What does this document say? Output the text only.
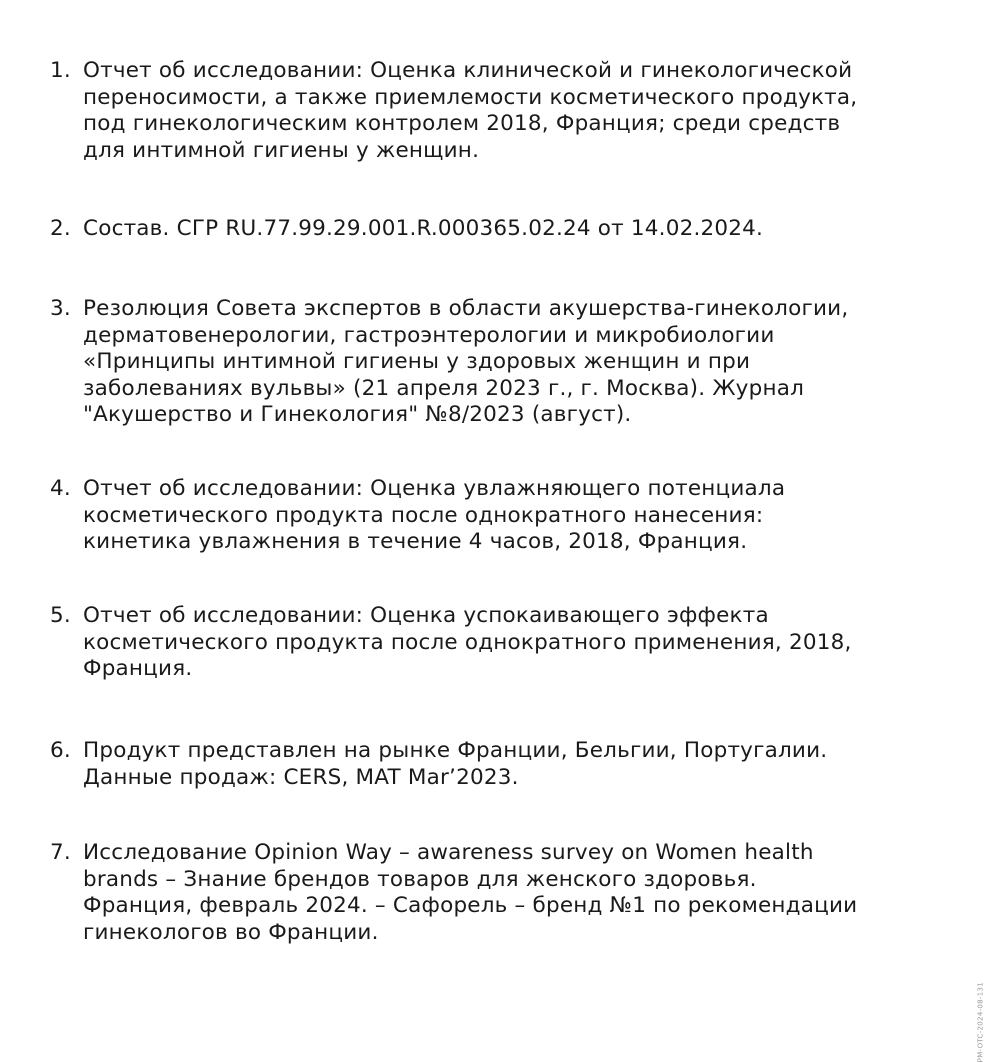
1. Отчет об исследовании: Оценка клинической и гинекологической
переносимости, а также приемлемости косметического продукта,
под гинекологическим контролем 2018, Франция; среди средств
для интимной гигиены у женщин.
2. Состав. СГР RU.77.99.29.001.R.000365.02.24 от 14.02.2024.
3. Резолюция Совета экспертов в области акушерства-гинекологии,
дерматовенерологии, гастроэнтерологии и микробиологии
«Принципы интимной гигиены у здоровых женщин и при
заболеваниях вульвы» (21 апреля 2023 г., г. Москва). Журнал
"Акушерство и Гинекология" №8/2023 (август).
4. Отчет об исследовании: Оценка увлажняющего потенциала
косметического продукта после однократного нанесения:
кинетика увлажнения в течение 4 часов, 2018, Франция.
5. Отчет об исследовании: Оценка успокаивающего эффекта
косметического продукта после однократного применения, 2018,
Франция.
6. Продукт представлен на рынке Франции, Бельгии, Португалии.
Данные продаж: CERS, MAT Mar’2023.
7. Исследование Opinion Way – awareness survey on Women health
brands – Знание брендов товаров для женского здоровья.
Франция, февраль 2024. – Сафорель – бренд №1 по рекомендации
гинекологов во Франции.
PM-OTC-2024-08-131
